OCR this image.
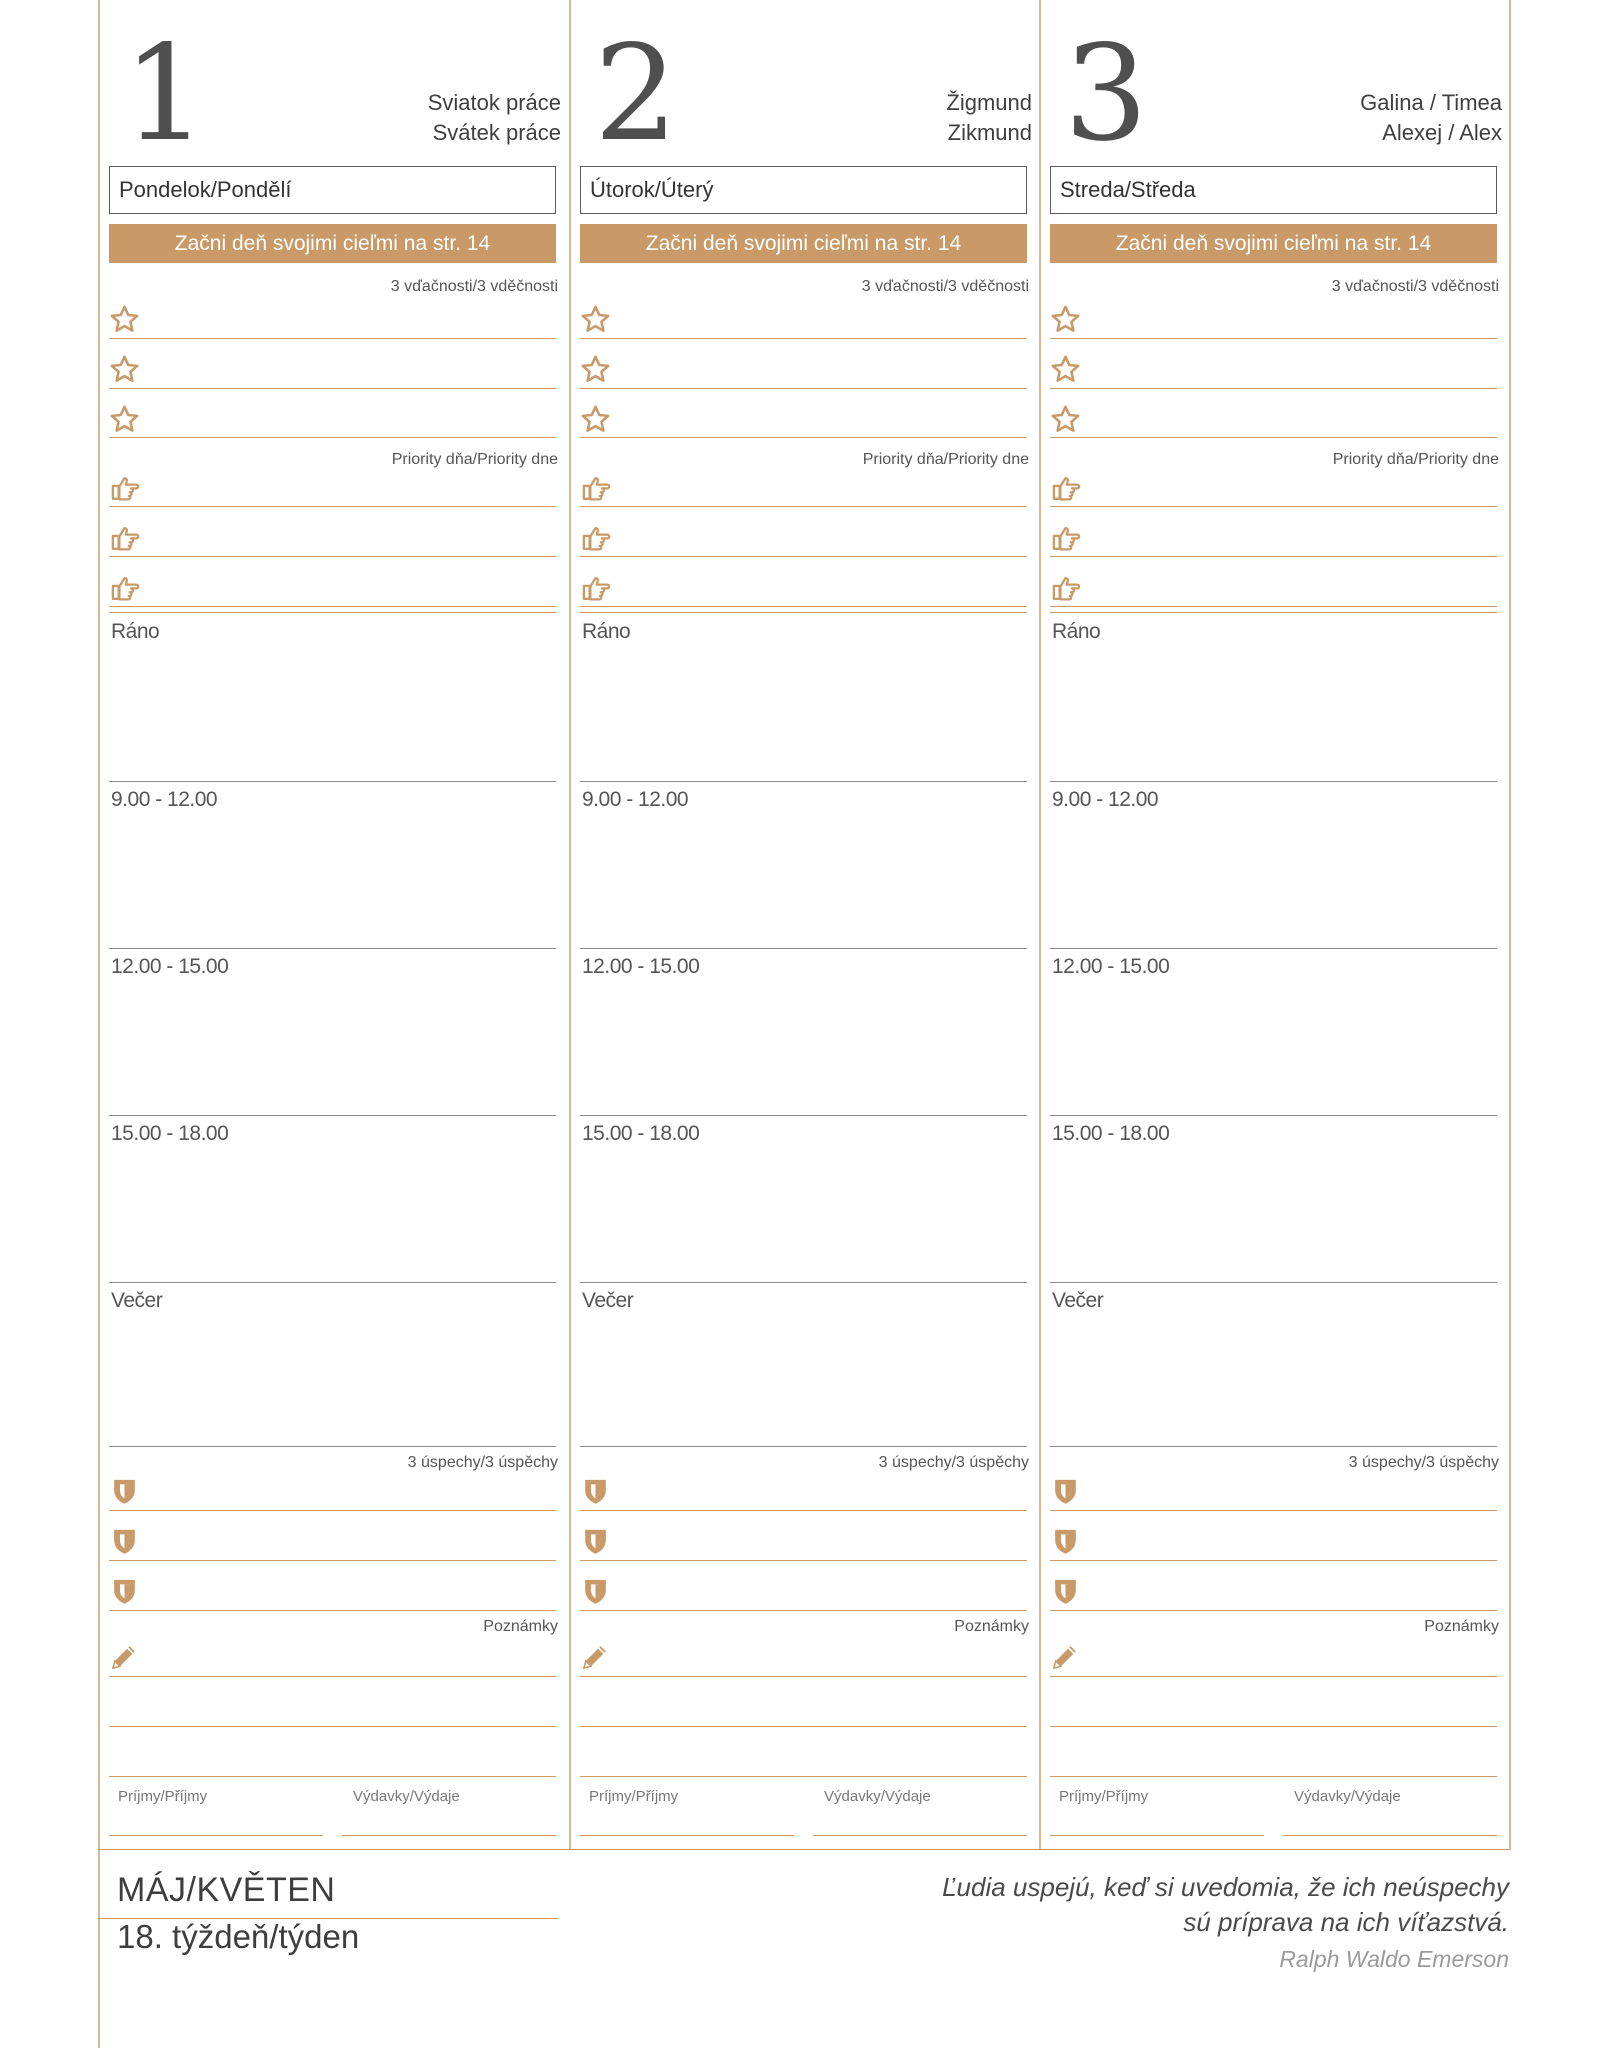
1	Sviatok práce
Svátek práce
Pondelok/Pondělí
Začni deň svojimi cieľmi na str. 14
3 vďačnosti/3 vděčnosti
Priority dňa/Priority dne
Ráno
9.00 - 12.00
12.00 - 15.00
15.00 - 18.00
Večer
3 úspechy/3 úspěchy
Poznámky
Príjmy/Příjmy	Výdavky/Výdaje
2	Žigmund
Zikmund
Útorok/Úterý
Začni deň svojimi cieľmi na str. 14
3 vďačnosti/3 vděčnosti
Priority dňa/Priority dne
Ráno
9.00 - 12.00
12.00 - 15.00
15.00 - 18.00
Večer
3 úspechy/3 úspěchy
Poznámky
Príjmy/Příjmy	Výdavky/Výdaje
3	Galina / Timea
Alexej / Alex
Streda/Středa
Začni deň svojimi cieľmi na str. 14
3 vďačnosti/3 vděčnosti
Priority dňa/Priority dne
Ráno
9.00 - 12.00
12.00 - 15.00
15.00 - 18.00
Večer
3 úspechy/3 úspěchy
Poznámky
Príjmy/Příjmy	Výdavky/Výdaje
MÁJ/KVĚTEN
18. týždeň/týden
Ľudia uspejú, keď si uvedomia, že ich neúspechy
sú príprava na ich víťazstvá.
Ralph Waldo Emerson
